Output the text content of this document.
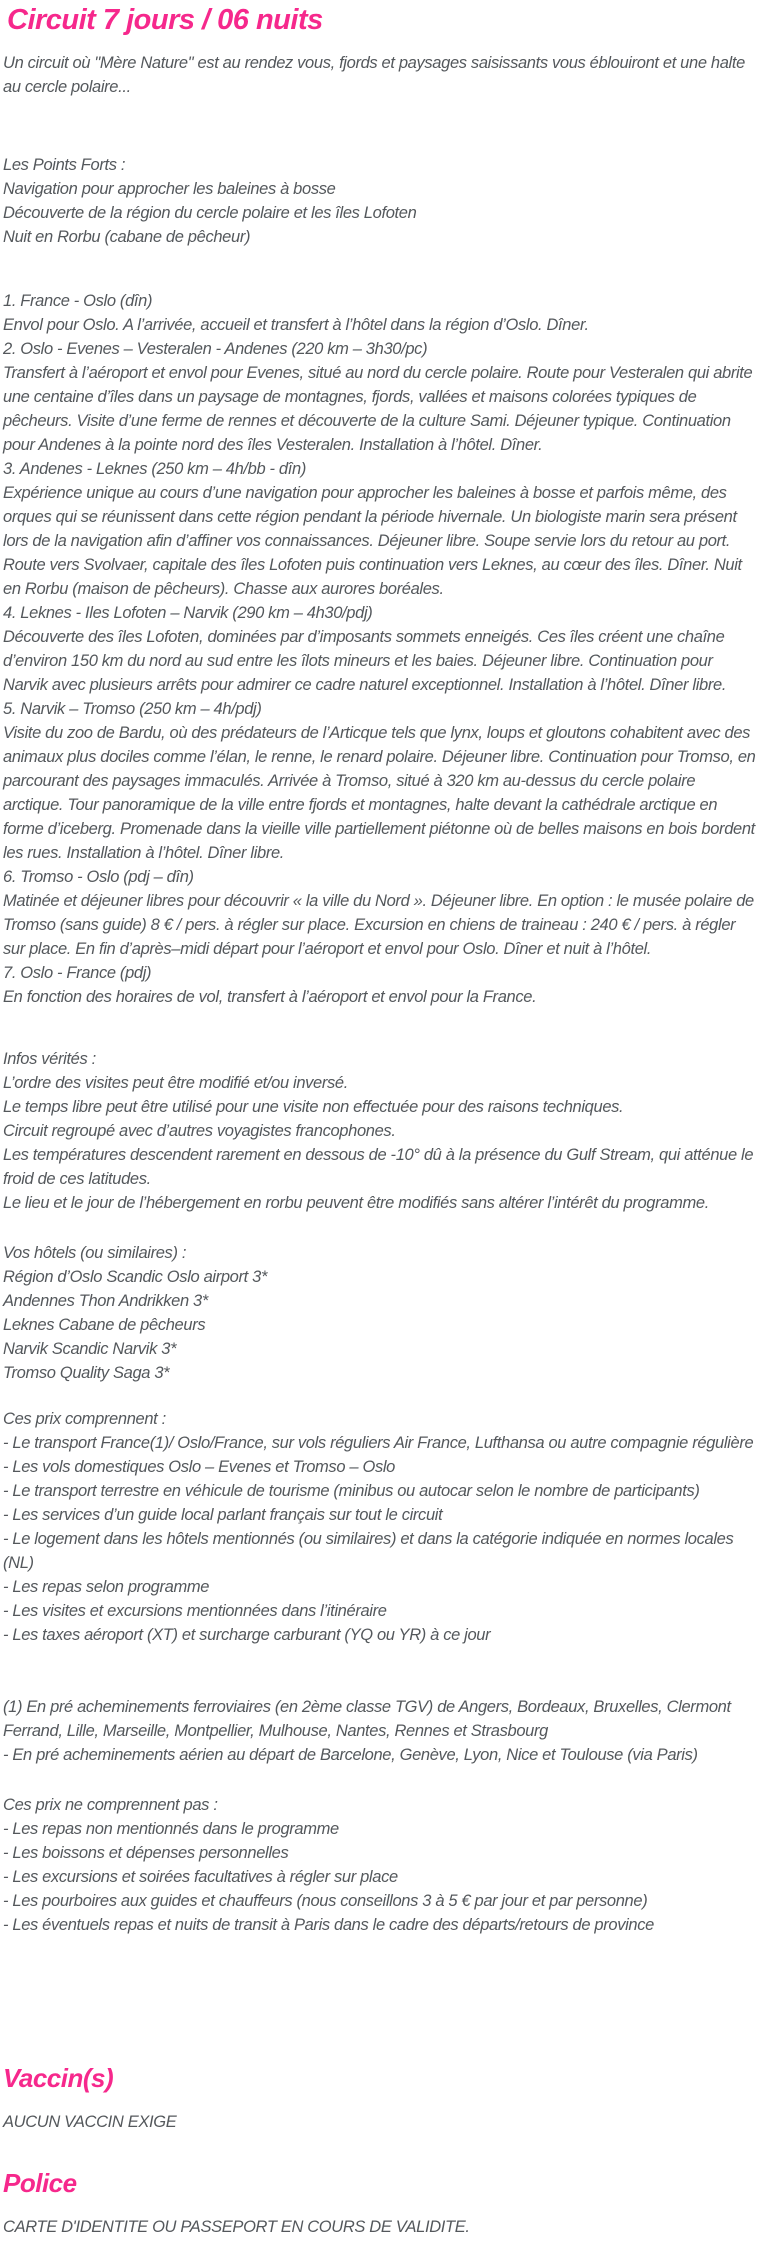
Circuit 7 jours / 06 nuits

Un circuit où "Mère Nature" est au rendez vous, fjords et paysages saisissants vous éblouiront et une halte au cercle polaire...

Les Points Forts :

Navigation pour approcher les baleines à bosse

Découverte de la région du cercle polaire et les îles Lofoten

Nuit en Rorbu (cabane de pêcheur)

1. France - Oslo (dîn)
Envol pour Oslo. A l’arrivée, accueil et transfert à l’hôtel dans la région d’Oslo. Dîner.
2. Oslo - Evenes – Vesteralen - Andenes (220 km – 3h30/pc)
Transfert à l’aéroport et envol pour Evenes, situé au nord du cercle polaire. Route pour Vesteralen qui abrite une centaine d’îles dans un paysage de montagnes, fjords, vallées et maisons colorées typiques de pêcheurs. Visite d’une ferme de rennes et découverte de la culture Sami. Déjeuner typique. Continuation pour Andenes à la pointe nord des îles Vesteralen. Installation à l’hôtel. Dîner.
3. Andenes - Leknes (250 km – 4h/bb - dîn)
Expérience unique au cours d’une navigation pour approcher les baleines à bosse et parfois même, des orques qui se réunissent dans cette région pendant la période hivernale. Un biologiste marin sera présent lors de la navigation afin d’affiner vos connaissances. Déjeuner libre. Soupe servie lors du retour au port. Route vers Svolvaer, capitale des îles Lofoten puis continuation vers Leknes, au cœur des îles. Dîner. Nuit en Rorbu (maison de pêcheurs). Chasse aux aurores boréales.
4. Leknes - Iles Lofoten – Narvik (290 km – 4h30/pdj)
Découverte des îles Lofoten, dominées par d’imposants sommets enneigés. Ces îles créent une chaîne d’environ 150 km du nord au sud entre les îlots mineurs et les baies. Déjeuner libre. Continuation pour Narvik avec plusieurs arrêts pour admirer ce cadre naturel exceptionnel. Installation à l’hôtel. Dîner libre.
5. Narvik – Tromso (250 km – 4h/pdj)
Visite du zoo de Bardu, où des prédateurs de l’Articque tels que lynx, loups et gloutons cohabitent avec des animaux plus dociles comme l’élan, le renne, le renard polaire. Déjeuner libre. Continuation pour Tromso, en parcourant des paysages immaculés. Arrivée à Tromso, situé à 320 km au-dessus du cercle polaire arctique. Tour panoramique de la ville entre fjords et montagnes, halte devant la cathédrale arctique en forme d’iceberg. Promenade dans la vieille ville partiellement piétonne où de belles maisons en bois bordent les rues. Installation à l’hôtel. Dîner libre.
6. Tromso - Oslo (pdj – dîn)
Matinée et déjeuner libres pour découvrir « la ville du Nord ». Déjeuner libre. En option : le musée polaire de Tromso (sans guide) 8 € / pers. à régler sur place. Excursion en chiens de traineau : 240 € / pers. à régler sur place. En fin d’après–midi départ pour l’aéroport et envol pour Oslo. Dîner et nuit à l’hôtel.
7. Oslo - France (pdj)
En fonction des horaires de vol, transfert à l’aéroport et envol pour la France.

Infos vérités :

L’ordre des visites peut être modifié et/ou inversé.

Le temps libre peut être utilisé pour une visite non effectuée pour des raisons techniques.

Circuit regroupé avec d’autres voyagistes francophones.

Les températures descendent rarement en dessous de -10° dû à la présence du Gulf Stream, qui atténue le froid de ces latitudes.

Le lieu et le jour de l’hébergement en rorbu peuvent être modifiés sans altérer l’intérêt du programme.

Vos hôtels (ou similaires) :

Région d’Oslo Scandic Oslo airport 3*

Andennes Thon Andrikken 3*

Leknes Cabane de pêcheurs

Narvik Scandic Narvik 3*

Tromso Quality Saga 3*

Ces prix comprennent :

- Le transport France(1)/ Oslo/France, sur vols réguliers Air France, Lufthansa ou autre compagnie régulière

- Les vols domestiques Oslo – Evenes et Tromso – Oslo

- Le transport terrestre en véhicule de tourisme (minibus ou autocar selon le nombre de participants)

- Les services d’un guide local parlant français sur tout le circuit

- Le logement dans les hôtels mentionnés (ou similaires) et dans la catégorie indiquée en normes locales (NL)

- Les repas selon programme

- Les visites et excursions mentionnées dans l’itinéraire

- Les taxes aéroport (XT) et surcharge carburant (YQ ou YR) à ce jour

(1) En pré acheminements ferroviaires (en 2ème classe TGV) de Angers, Bordeaux, Bruxelles, Clermont Ferrand, Lille, Marseille, Montpellier, Mulhouse, Nantes, Rennes et Strasbourg

- En pré acheminements aérien au départ de Barcelone, Genève, Lyon, Nice et Toulouse (via Paris)

Ces prix ne comprennent pas :

- Les repas non mentionnés dans le programme

- Les boissons et dépenses personnelles

- Les excursions et soirées facultatives à régler sur place

- Les pourboires aux guides et chauffeurs (nous conseillons 3 à 5 € par jour et par personne)

- Les éventuels repas et nuits de transit à Paris dans le cadre des départs/retours de province

Vaccin(s)

AUCUN VACCIN EXIGE

Police

CARTE D'IDENTITE OU PASSEPORT EN COURS DE VALIDITE.
